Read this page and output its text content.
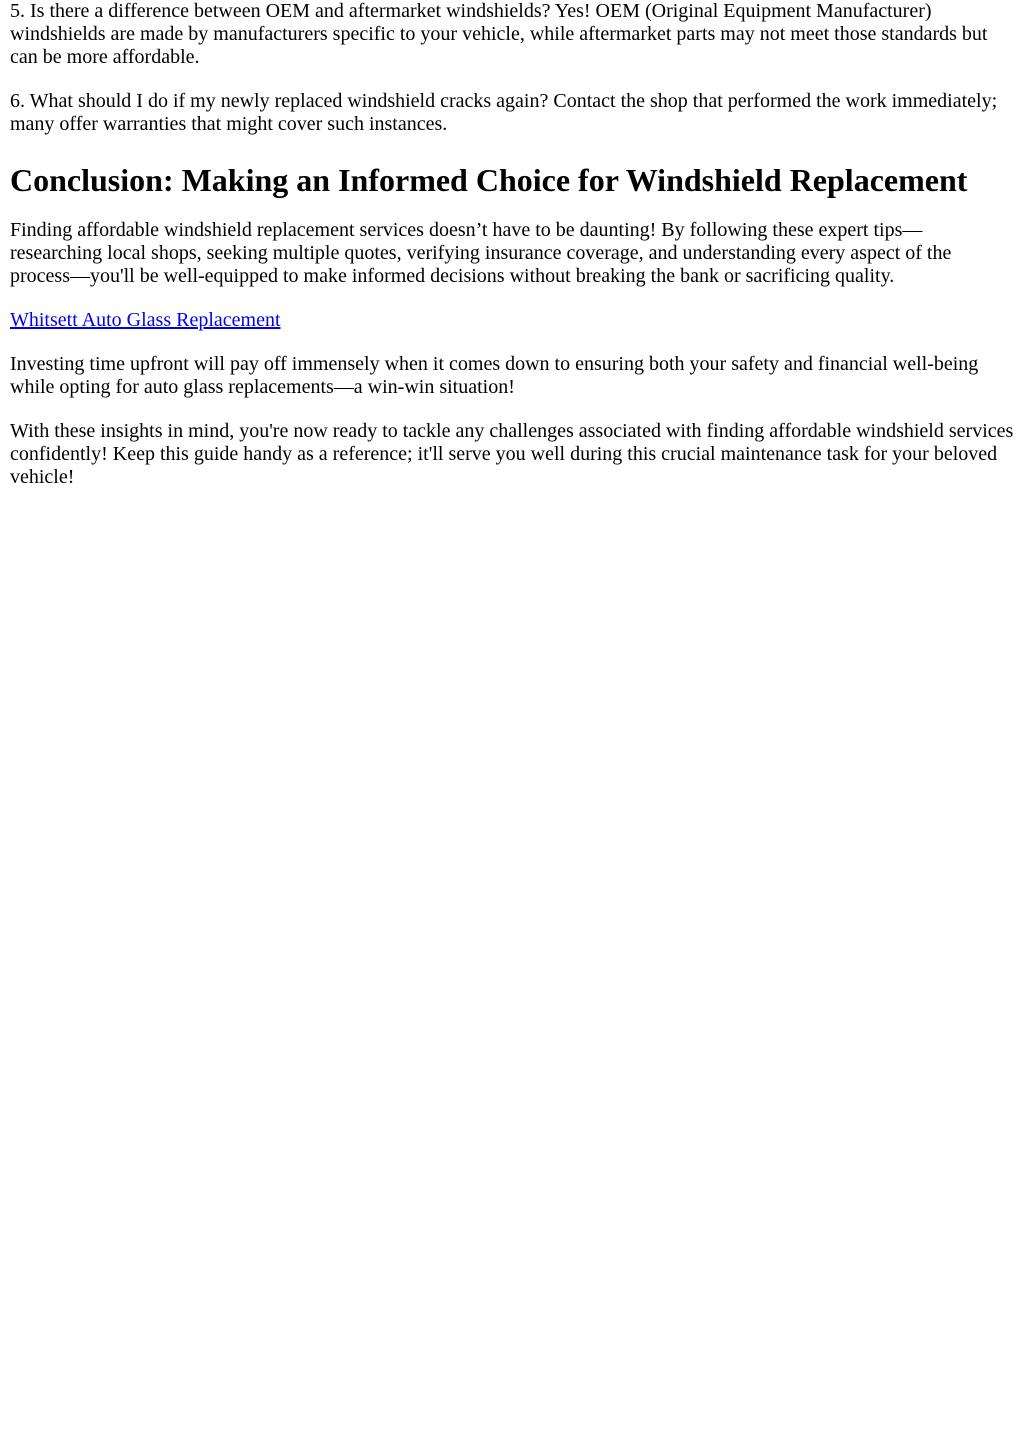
5. Is there a difference between OEM and aftermarket windshields? Yes! OEM (Original Equipment Manufacturer) windshields are made by manufacturers specific to your vehicle, while aftermarket parts may not meet those standards but can be more affordable.

6. What should I do if my newly replaced windshield cracks again? Contact the shop that performed the work immediately; many offer warranties that might cover such instances.

Conclusion: Making an Informed Choice for Windshield Replacement

Finding affordable windshield replacement services doesn’t have to be daunting! By following these expert tips—researching local shops, seeking multiple quotes, verifying insurance coverage, and understanding every aspect of the process—you'll be well-equipped to make informed decisions without breaking the bank or sacrificing quality.

Whitsett Auto Glass Replacement

Investing time upfront will pay off immensely when it comes down to ensuring both your safety and financial well-being while opting for auto glass replacements—a win-win situation!

With these insights in mind, you're now ready to tackle any challenges associated with finding affordable windshield services confidently! Keep this guide handy as a reference; it'll serve you well during this crucial maintenance task for your beloved vehicle!
